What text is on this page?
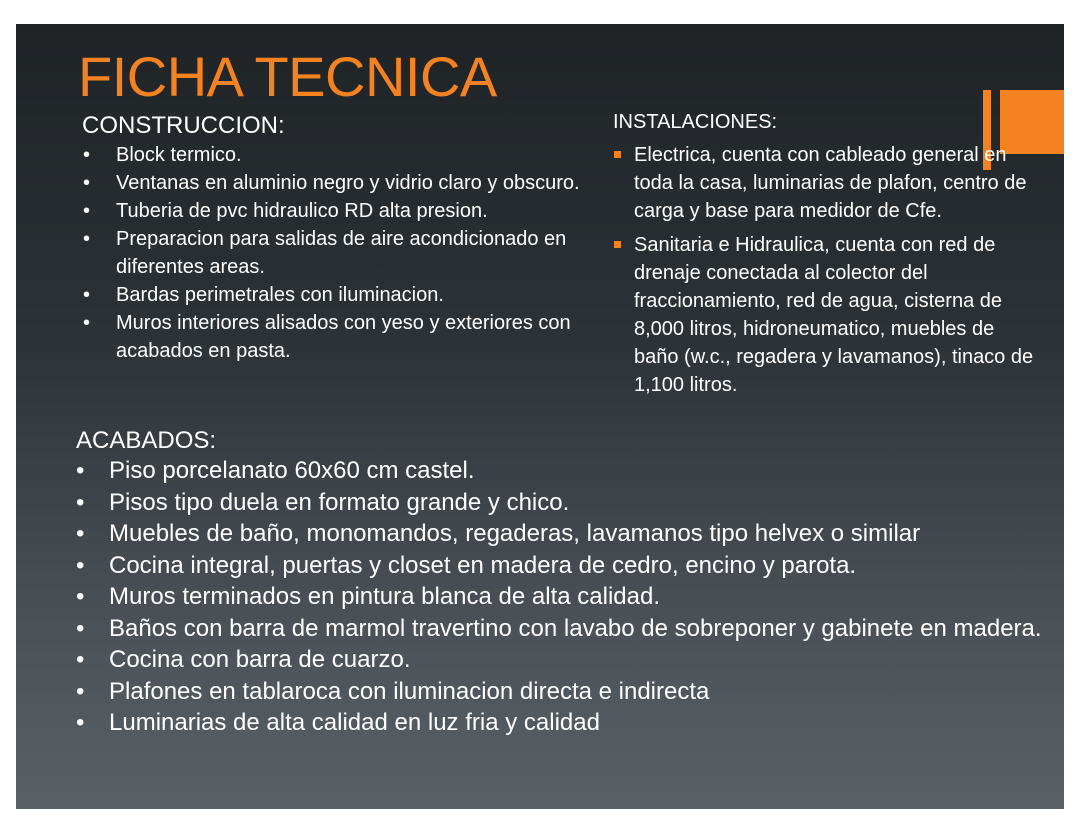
FICHA TECNICA
CONSTRUCCION:
• Block termico.
• Ventanas en aluminio negro y vidrio claro y obscuro.
• Tuberia de pvc hidraulico RD alta presion.
• Preparacion para salidas de aire acondicionado en diferentes areas.
• Bardas perimetrales con iluminacion.
• Muros interiores alisados con yeso y exteriores con acabados en pasta.
INSTALACIONES:
Electrica, cuenta con cableado general en toda la casa, luminarias de plafon, centro de carga y base para medidor de Cfe.
Sanitaria e Hidraulica, cuenta con red de drenaje conectada al colector del fraccionamiento, red de agua, cisterna de 8,000 litros, hidroneumatico, muebles de baño (w.c., regadera y lavamanos), tinaco de 1,100 litros.
ACABADOS:
• Piso porcelanato 60x60 cm castel.
• Pisos tipo duela en formato grande y chico.
• Muebles de baño, monomandos, regaderas, lavamanos tipo helvex o similar
• Cocina integral, puertas y closet en madera de cedro, encino y parota.
• Muros terminados en pintura blanca de alta calidad.
• Baños con barra de marmol travertino con lavabo de sobreponer y gabinete en madera.
• Cocina con barra de cuarzo.
• Plafones en tablaroca con iluminacion directa e indirecta
• Luminarias de alta calidad en luz fria y calidad
